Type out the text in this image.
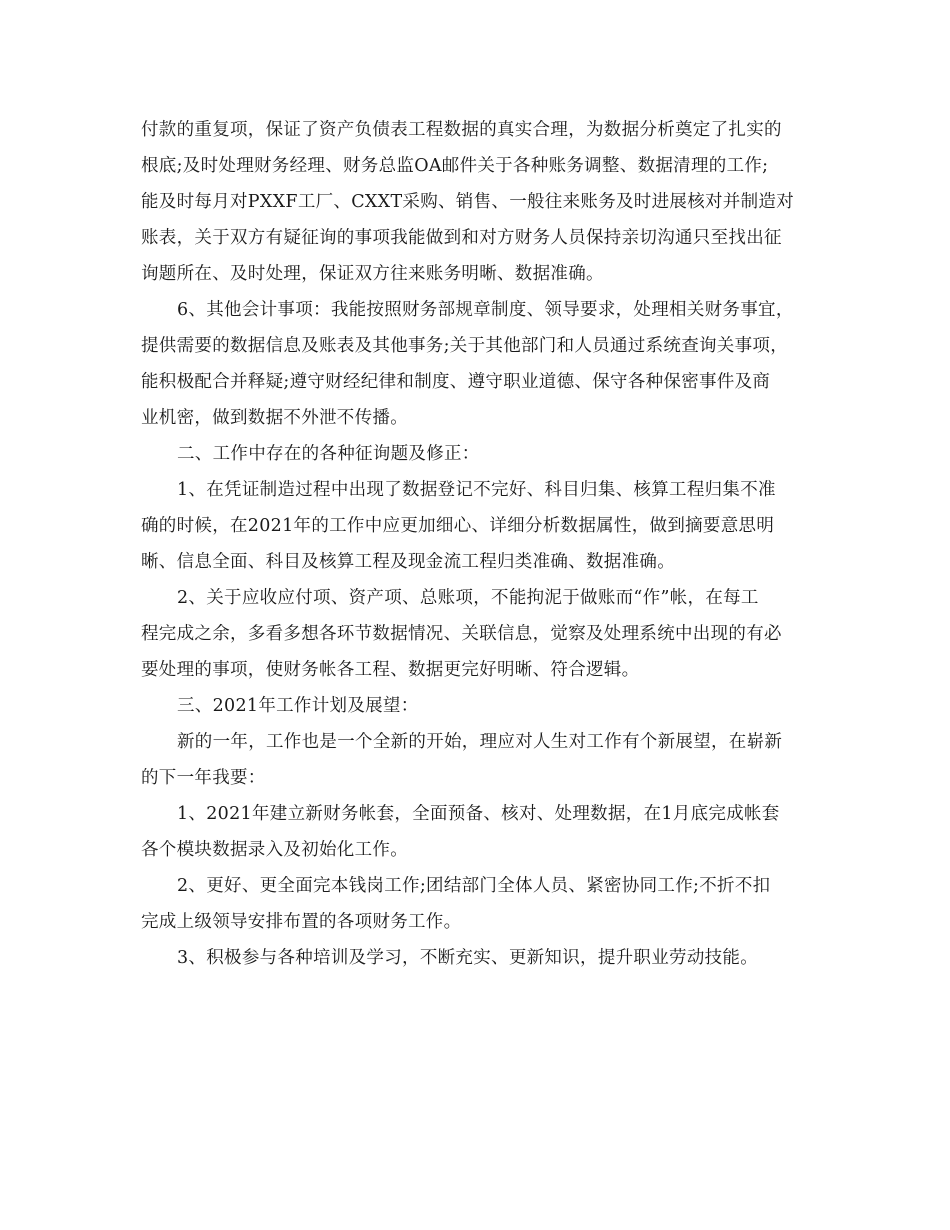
付款的重复项，保证了资产负债表工程数据的真实合理，为数据分析奠定了扎实的
根底;及时处理财务经理、财务总监OA邮件关于各种账务调整、数据清理的工作;
能及时每月对PXXF工厂、CXXT采购、销售、一般往来账务及时进展核对并制造对
账表，关于双方有疑征询的事项我能做到和对方财务人员保持亲切沟通只至找出征
询题所在、及时处理，保证双方往来账务明晰、数据准确。
6、其他会计事项：我能按照财务部规章制度、领导要求，处理相关财务事宜，
提供需要的数据信息及账表及其他事务;关于其他部门和人员通过系统查询关事项，
能积极配合并释疑;遵守财经纪律和制度、遵守职业道德、保守各种保密事件及商
业机密，做到数据不外泄不传播。
二、工作中存在的各种征询题及修正：
1、在凭证制造过程中出现了数据登记不完好、科目归集、核算工程归集不准
确的时候，在2021年的工作中应更加细心、详细分析数据属性，做到摘要意思明
晰、信息全面、科目及核算工程及现金流工程归类准确、数据准确。
2、关于应收应付项、资产项、总账项，不能拘泥于做账而“作”帐，在每工
程完成之余，多看多想各环节数据情况、关联信息，觉察及处理系统中出现的有必
要处理的事项，使财务帐各工程、数据更完好明晰、符合逻辑。
三、2021年工作计划及展望：
新的一年，工作也是一个全新的开始，理应对人生对工作有个新展望，在崭新
的下一年我要：
1、2021年建立新财务帐套，全面预备、核对、处理数据，在1月底完成帐套
各个模块数据录入及初始化工作。
2、更好、更全面完本钱岗工作;团结部门全体人员、紧密协同工作;不折不扣
完成上级领导安排布置的各项财务工作。
3、积极参与各种培训及学习，不断充实、更新知识，提升职业劳动技能。
